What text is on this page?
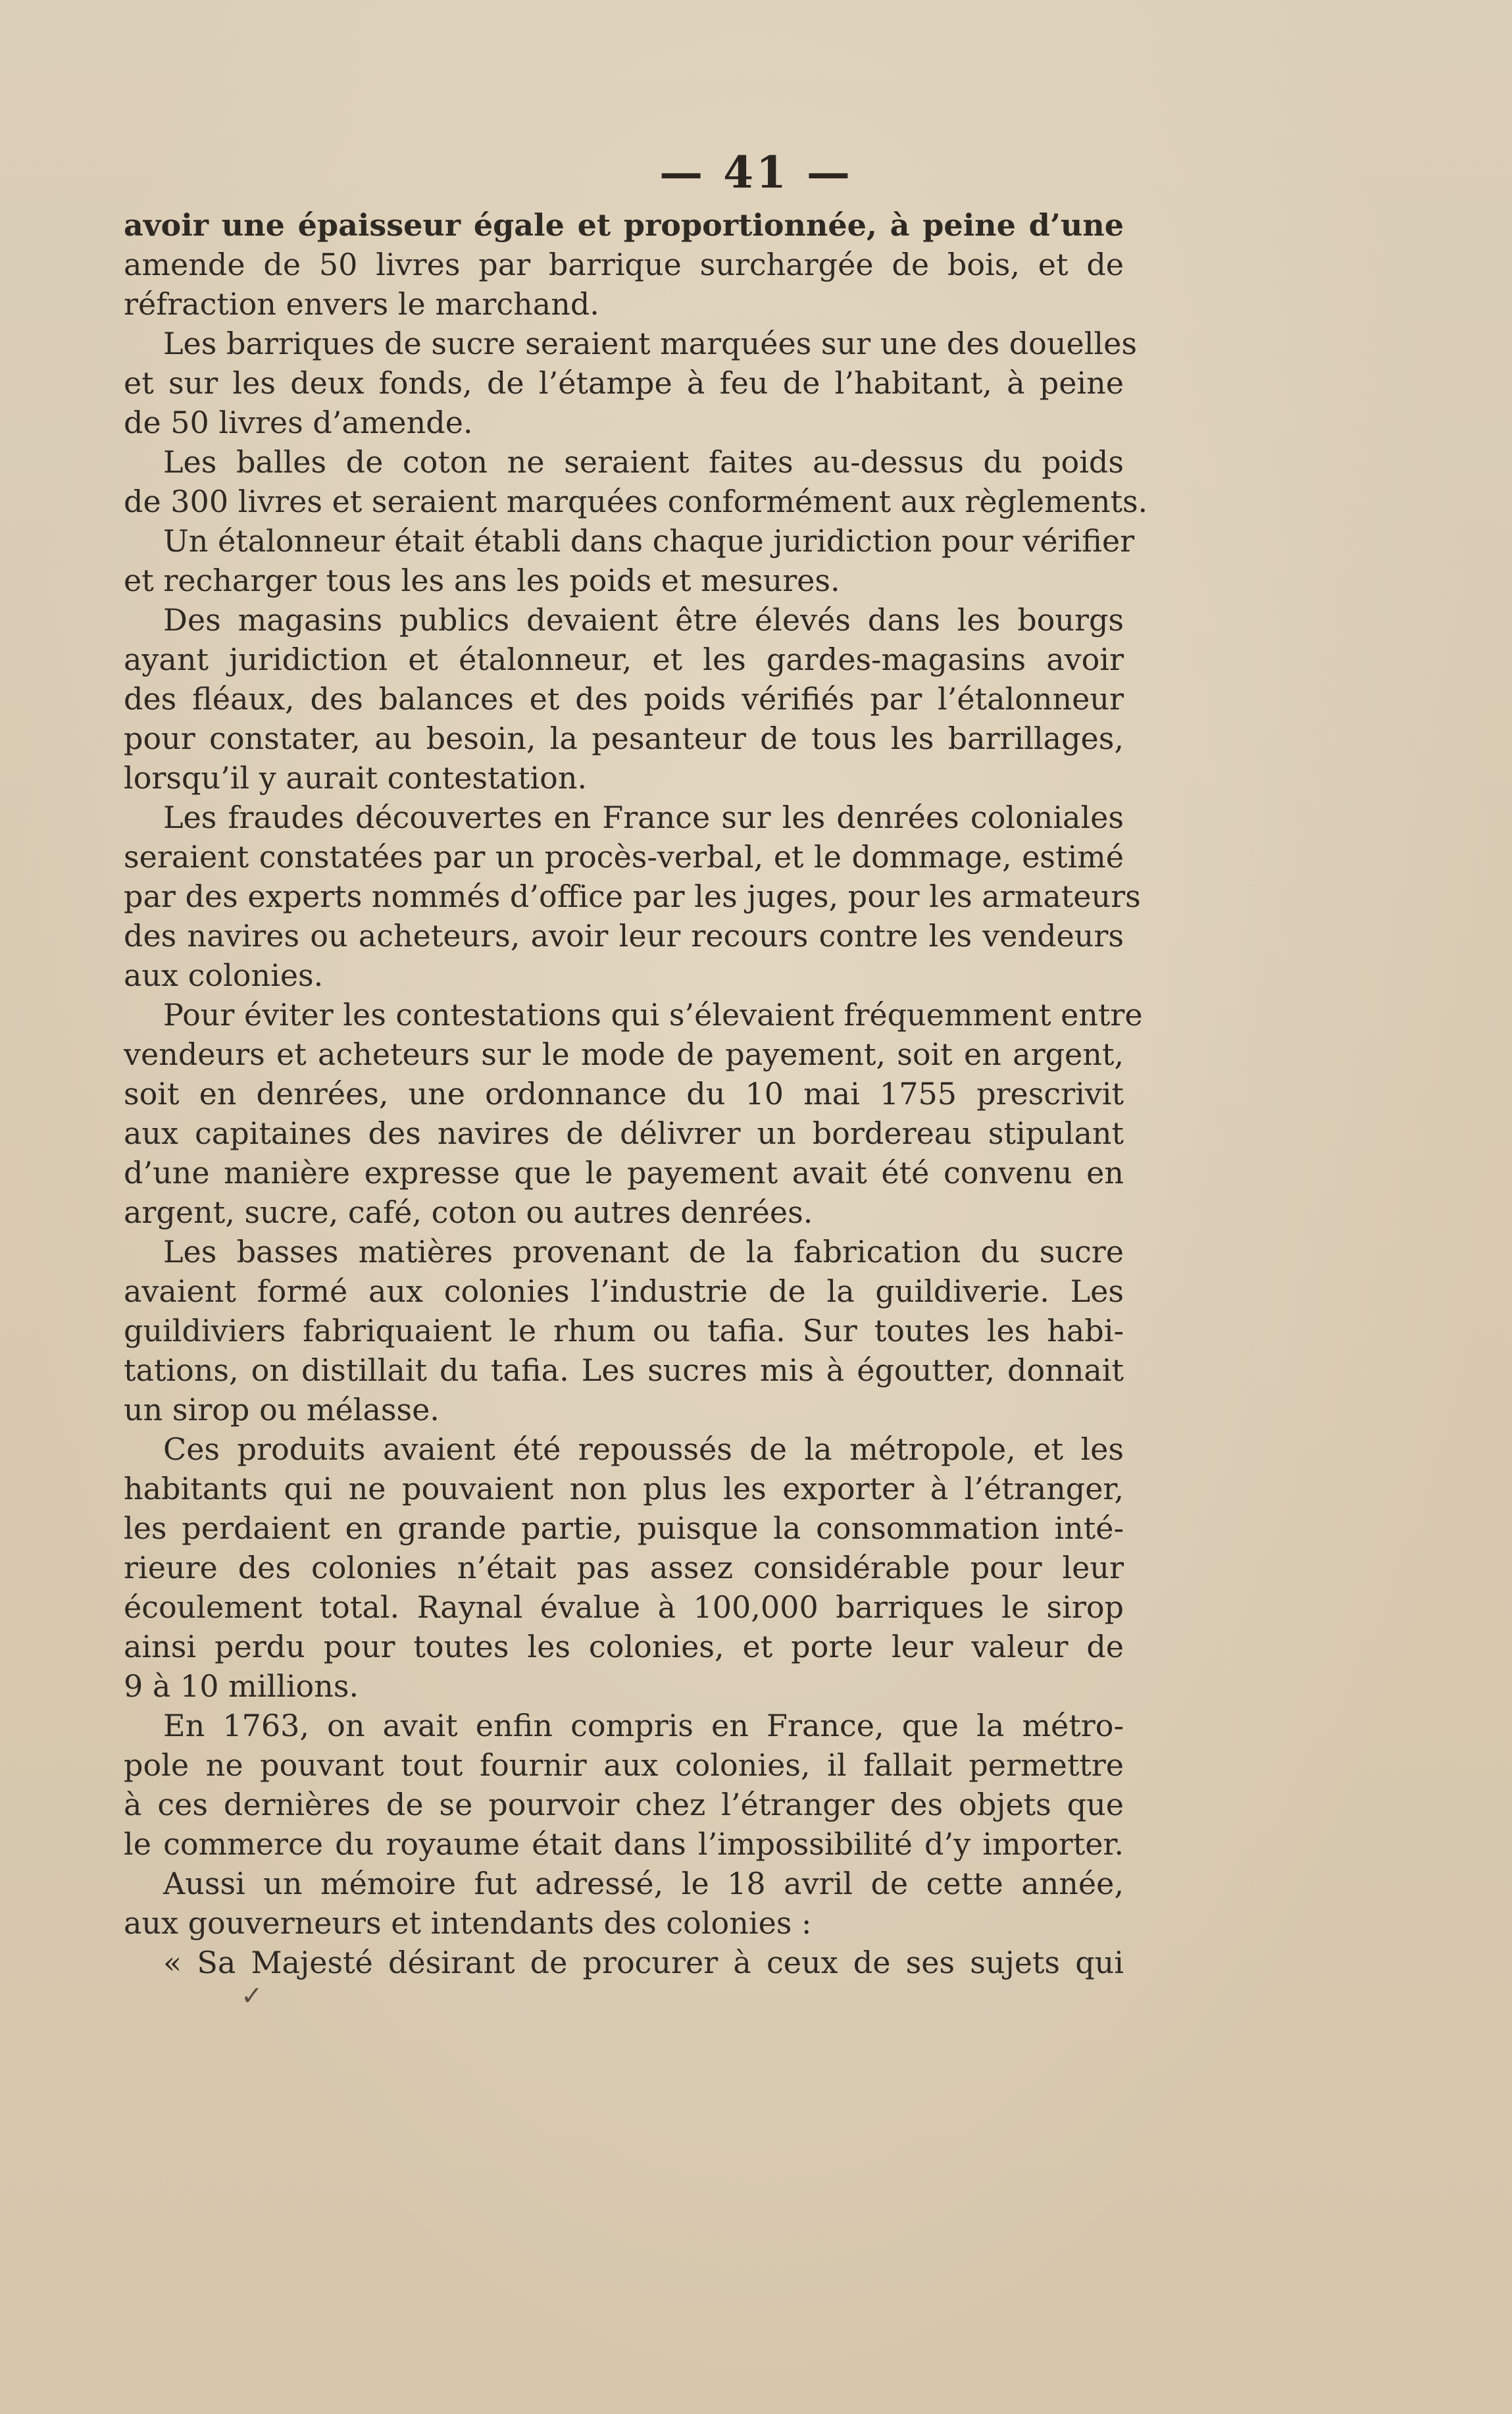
— 41 —
avoir une épaisseur égale et proportionnée, à peine d’une
amende de 50 livres par barrique surchargée de bois, et de
réfraction envers le marchand.
Les barriques de sucre seraient marquées sur une des douelles
et sur les deux fonds, de l’étampe à feu de l’habitant, à peine
de 50 livres d’amende.
Les balles de coton ne seraient faites au-dessus du poids
de 300 livres et seraient marquées conformément aux règlements.
Un étalonneur était établi dans chaque juridiction pour vérifier
et recharger tous les ans les poids et mesures.
Des magasins publics devaient être élevés dans les bourgs
ayant juridiction et étalonneur, et les gardes-magasins avoir
des fléaux, des balances et des poids vérifiés par l’étalonneur
pour constater, au besoin, la pesanteur de tous les barrillages,
lorsqu’il y aurait contestation.
Les fraudes découvertes en France sur les denrées coloniales
seraient constatées par un procès-verbal, et le dommage, estimé
par des experts nommés d’office par les juges, pour les armateurs
des navires ou acheteurs, avoir leur recours contre les vendeurs
aux colonies.
Pour éviter les contestations qui s’élevaient fréquemment entre
vendeurs et acheteurs sur le mode de payement, soit en argent,
soit en denrées, une ordonnance du 10 mai 1755 prescrivit
aux capitaines des navires de délivrer un bordereau stipulant
d’une manière expresse que le payement avait été convenu en
argent, sucre, café, coton ou autres denrées.
Les basses matières provenant de la fabrication du sucre
avaient formé aux colonies l’industrie de la guildiverie. Les
guildiviers fabriquaient le rhum ou tafia. Sur toutes les habi-
tations, on distillait du tafia. Les sucres mis à égoutter, donnait
un sirop ou mélasse.
Ces produits avaient été repoussés de la métropole, et les
habitants qui ne pouvaient non plus les exporter à l’étranger,
les perdaient en grande partie, puisque la consommation inté-
rieure des colonies n’était pas assez considérable pour leur
écoulement total. Raynal évalue à 100,000 barriques le sirop
ainsi perdu pour toutes les colonies, et porte leur valeur de
9 à 10 millions.
En 1763, on avait enfin compris en France, que la métro-
pole ne pouvant tout fournir aux colonies, il fallait permettre
à ces dernières de se pourvoir chez l’étranger des objets que
le commerce du royaume était dans l’impossibilité d’y importer.
Aussi un mémoire fut adressé, le 18 avril de cette année,
aux gouverneurs et intendants des colonies :
« Sa Majesté désirant de procurer à ceux de ses sujets qui
✓
